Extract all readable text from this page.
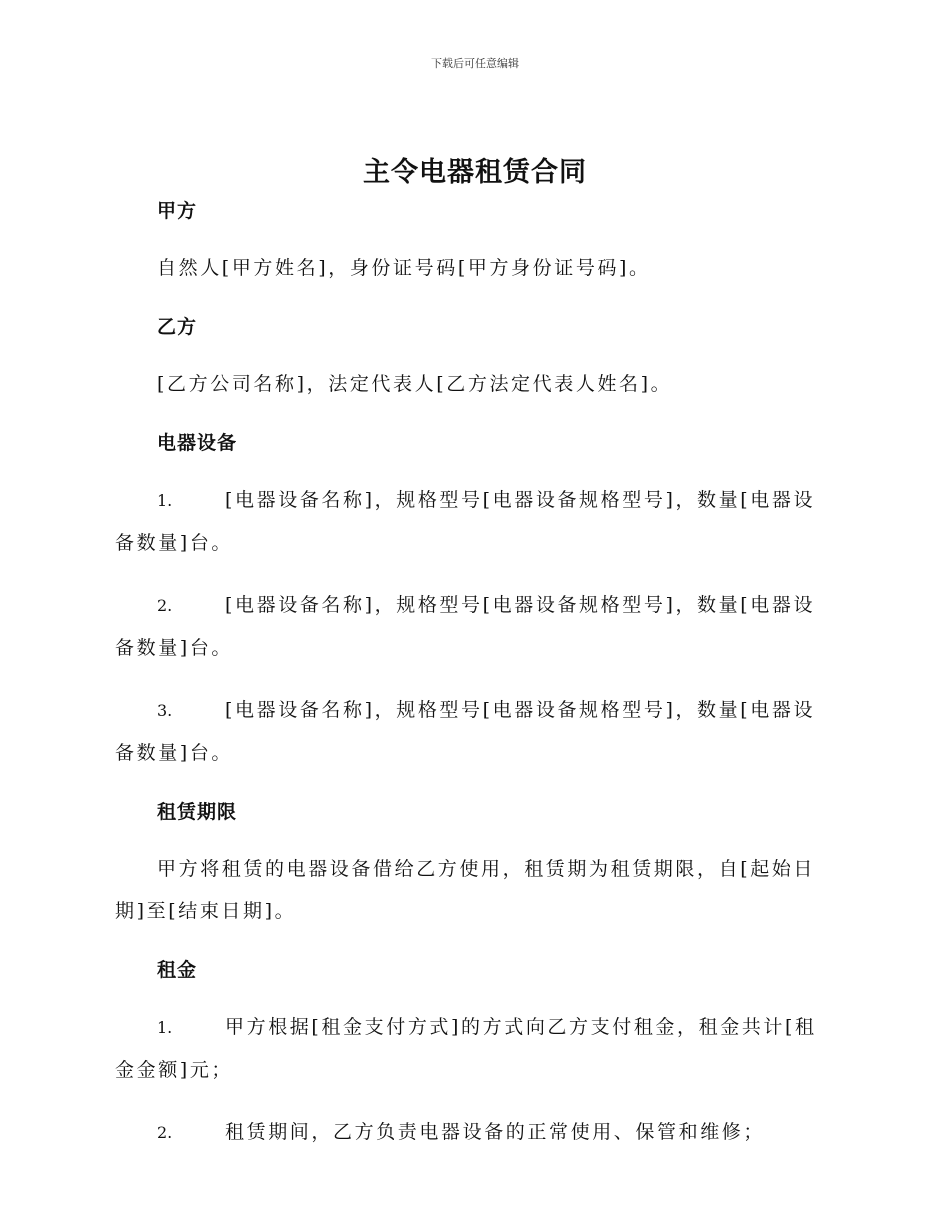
下载后可任意编辑
主令电器租赁合同
甲方

自然人[甲方姓名]，身份证号码[甲方身份证号码]。

乙方

[乙方公司名称]，法定代表人[乙方法定代表人姓名]。

电器设备

1.	[电器设备名称]，规格型号[电器设备规格型号]，数量[电器设备数量]台。

2.	[电器设备名称]，规格型号[电器设备规格型号]，数量[电器设备数量]台。

3.	[电器设备名称]，规格型号[电器设备规格型号]，数量[电器设备数量]台。

租赁期限

甲方将租赁的电器设备借给乙方使用，租赁期为租赁期限，自[起始日期]至[结束日期]。

租金

1.	甲方根据[租金支付方式]的方式向乙方支付租金，租金共计[租金金额]元；

2.	租赁期间，乙方负责电器设备的正常使用、保管和维修；
